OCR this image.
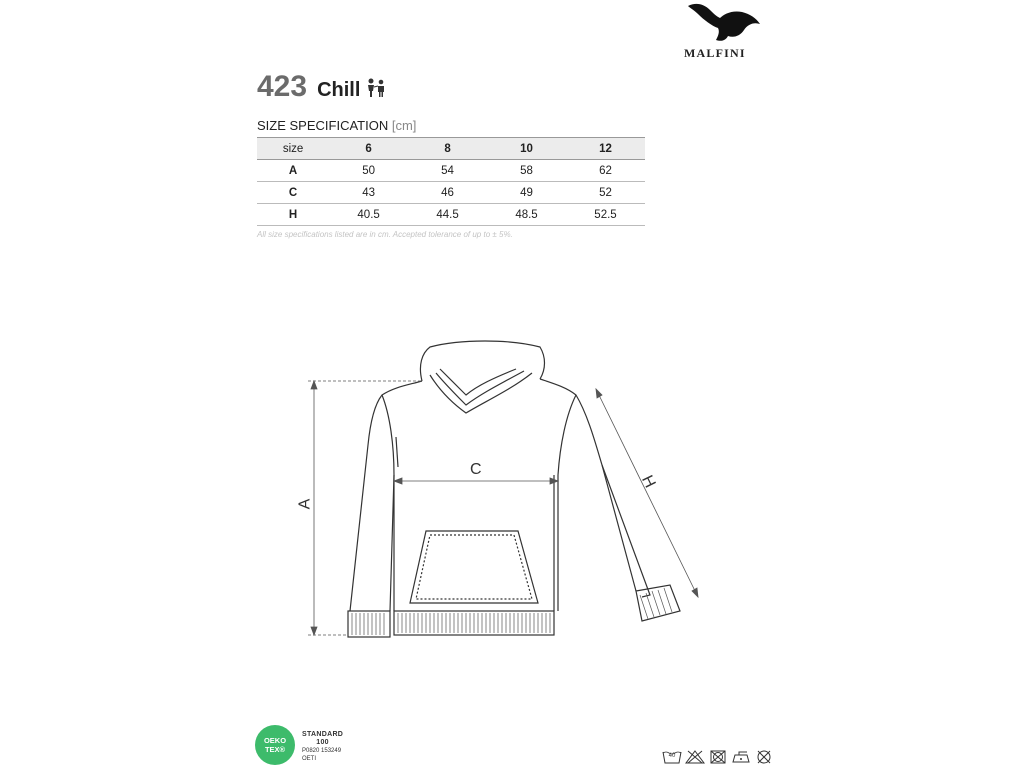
MALFINI
423 Chill
SIZE SPECIFICATION [cm]
size	6	8	10	12
A	50	54	58	62
C	43	46	49	52
H	40.5	44.5	48.5	52.5
All size specifications listed are in cm. Accepted tolerance of up to ± 5%.
A
C
H
OEKO
TEX®
STANDARD
100
P0820 153249
OETI	40
